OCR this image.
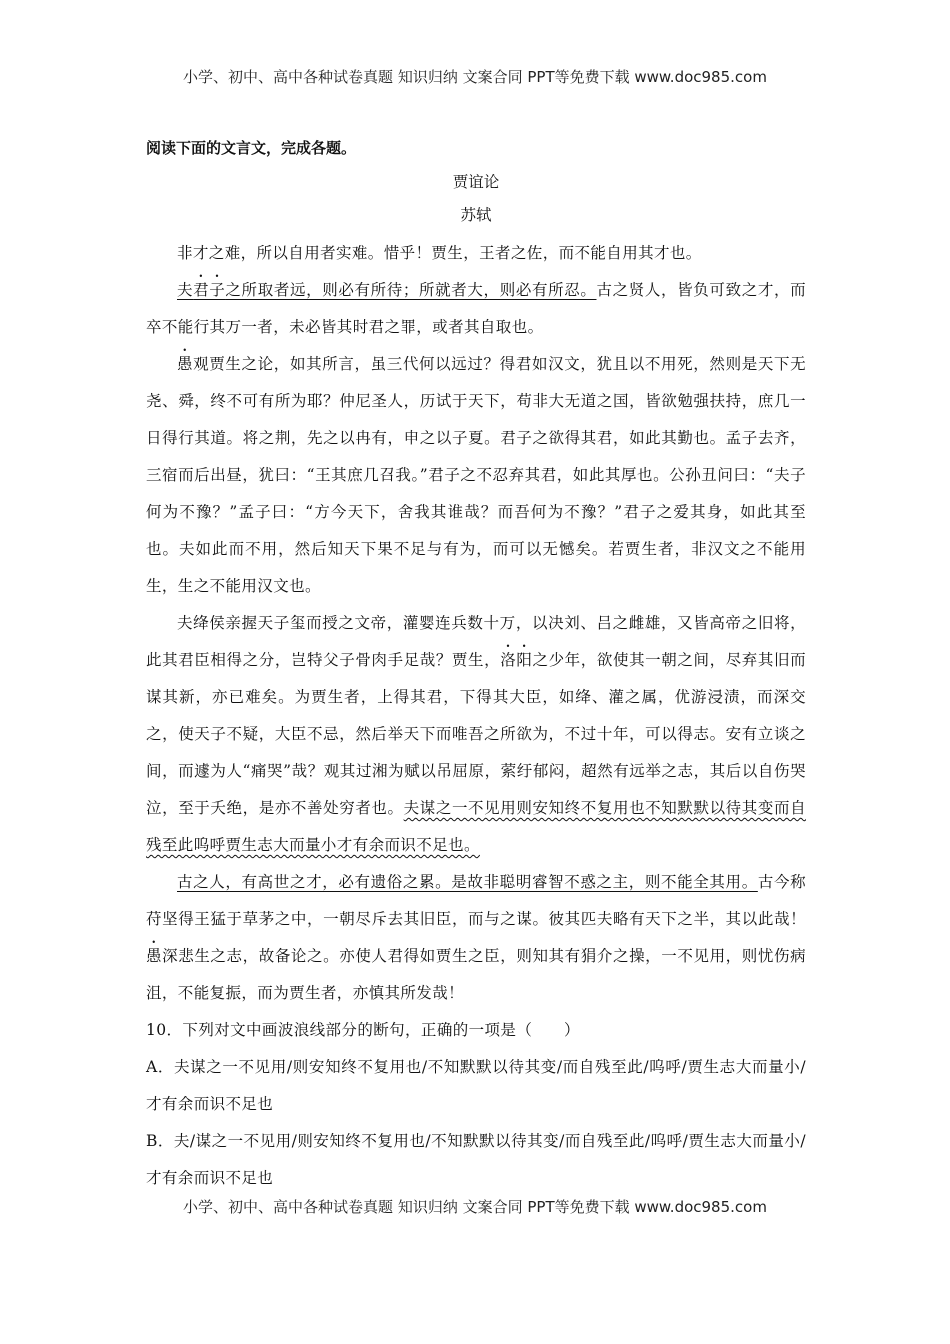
小学、初中、高中各种试卷真题 知识归纳 文案合同 PPT等免费下载 www.doc985.com

阅读下面的文言文，完成各题。

贾谊论

苏轼

非才之难，所以自用者实难。惜乎！贾生，王者之佐，而不能自用其才也。

夫君子之所取者远，则必有所待；所就者大，则必有所忍。古之贤人，皆负可致之才，而卒不能行其万一者，未必皆其时君之罪，或者其自取也。

愚观贾生之论，如其所言，虽三代何以远过？得君如汉文，犹且以不用死，然则是天下无尧、舜，终不可有所为耶？仲尼圣人，历试于天下，苟非大无道之国，皆欲勉强扶持，庶几一日得行其道。将之荆，先之以冉有，申之以子夏。君子之欲得其君，如此其勤也。孟子去齐，三宿而后出昼，犹曰：“王其庶几召我。”君子之不忍弃其君，如此其厚也。公孙丑问曰：“夫子何为不豫？”孟子曰：“方今天下，舍我其谁哉？而吾何为不豫？”君子之爱其身，如此其至也。夫如此而不用，然后知天下果不足与有为，而可以无憾矣。若贾生者，非汉文之不能用生，生之不能用汉文也。

夫绛侯亲握天子玺而授之文帝，灌婴连兵数十万，以决刘、吕之雌雄，又皆高帝之旧将，此其君臣相得之分，岂特父子骨肉手足哉？贾生，洛阳之少年，欲使其一朝之间，尽弃其旧而谋其新，亦已难矣。为贾生者，上得其君，下得其大臣，如绛、灌之属，优游浸渍，而深交之，使天子不疑，大臣不忌，然后举天下而唯吾之所欲为，不过十年，可以得志。安有立谈之间，而遽为人“痛哭”哉？观其过湘为赋以吊屈原，萦纡郁闷，超然有远举之志，其后以自伤哭泣，至于夭绝，是亦不善处穷者也。夫谋之一不见用则安知终不复用也不知默默以待其变而自残至此呜呼贾生志大而量小才有余而识不足也。

古之人，有高世之才，必有遗俗之累。是故非聪明睿智不惑之主，则不能全其用。古今称苻坚得王猛于草茅之中，一朝尽斥去其旧臣，而与之谋。彼其匹夫略有天下之半，其以此哉！愚深悲生之志，故备论之。亦使人君得如贾生之臣，则知其有狷介之操，一不见用，则忧伤病沮，不能复振，而为贾生者，亦慎其所发哉！

10．下列对文中画波浪线部分的断句，正确的一项是（　　）

A．夫谋之一不见用/则安知终不复用也/不知默默以待其变/而自残至此/呜呼/贾生志大而量小/才有余而识不足也

B．夫/谋之一不见用/则安知终不复用也/不知默默以待其变/而自残至此/呜呼/贾生志大而量小/才有余而识不足也

小学、初中、高中各种试卷真题 知识归纳 文案合同 PPT等免费下载 www.doc985.com
